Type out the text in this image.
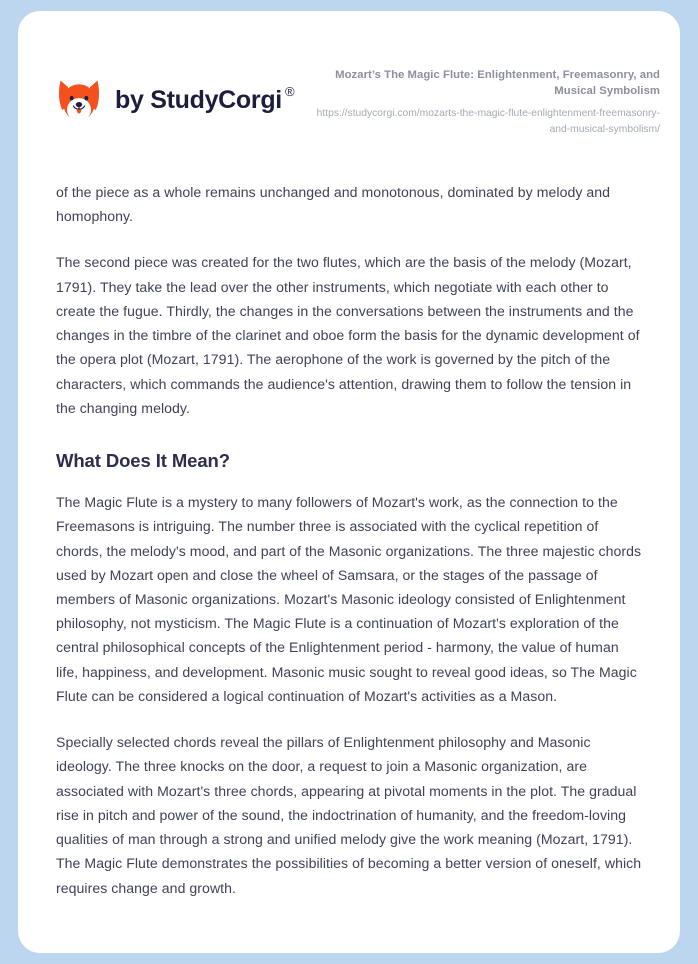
by StudyCorgi ®
Mozart’s The Magic Flute: Enlightenment, Freemasonry, and Musical Symbolism
https://studycorgi.com/mozarts-the-magic-flute-enlightenment-freemasonry-and-musical-symbolism/

of the piece as a whole remains unchanged and monotonous, dominated by melody and homophony.

The second piece was created for the two flutes, which are the basis of the melody (Mozart, 1791). They take the lead over the other instruments, which negotiate with each other to create the fugue. Thirdly, the changes in the conversations between the instruments and the changes in the timbre of the clarinet and oboe form the basis for the dynamic development of the opera plot (Mozart, 1791). The aerophone of the work is governed by the pitch of the characters, which commands the audience's attention, drawing them to follow the tension in the changing melody.

What Does It Mean?

The Magic Flute is a mystery to many followers of Mozart's work, as the connection to the Freemasons is intriguing. The number three is associated with the cyclical repetition of chords, the melody's mood, and part of the Masonic organizations. The three majestic chords used by Mozart open and close the wheel of Samsara, or the stages of the passage of members of Masonic organizations. Mozart's Masonic ideology consisted of Enlightenment philosophy, not mysticism. The Magic Flute is a continuation of Mozart's exploration of the central philosophical concepts of the Enlightenment period - harmony, the value of human life, happiness, and development. Masonic music sought to reveal good ideas, so The Magic Flute can be considered a logical continuation of Mozart's activities as a Mason.

Specially selected chords reveal the pillars of Enlightenment philosophy and Masonic ideology. The three knocks on the door, a request to join a Masonic organization, are associated with Mozart's three chords, appearing at pivotal moments in the plot. The gradual rise in pitch and power of the sound, the indoctrination of humanity, and the freedom-loving qualities of man through a strong and unified melody give the work meaning (Mozart, 1791). The Magic Flute demonstrates the possibilities of becoming a better version of oneself, which requires change and growth.
